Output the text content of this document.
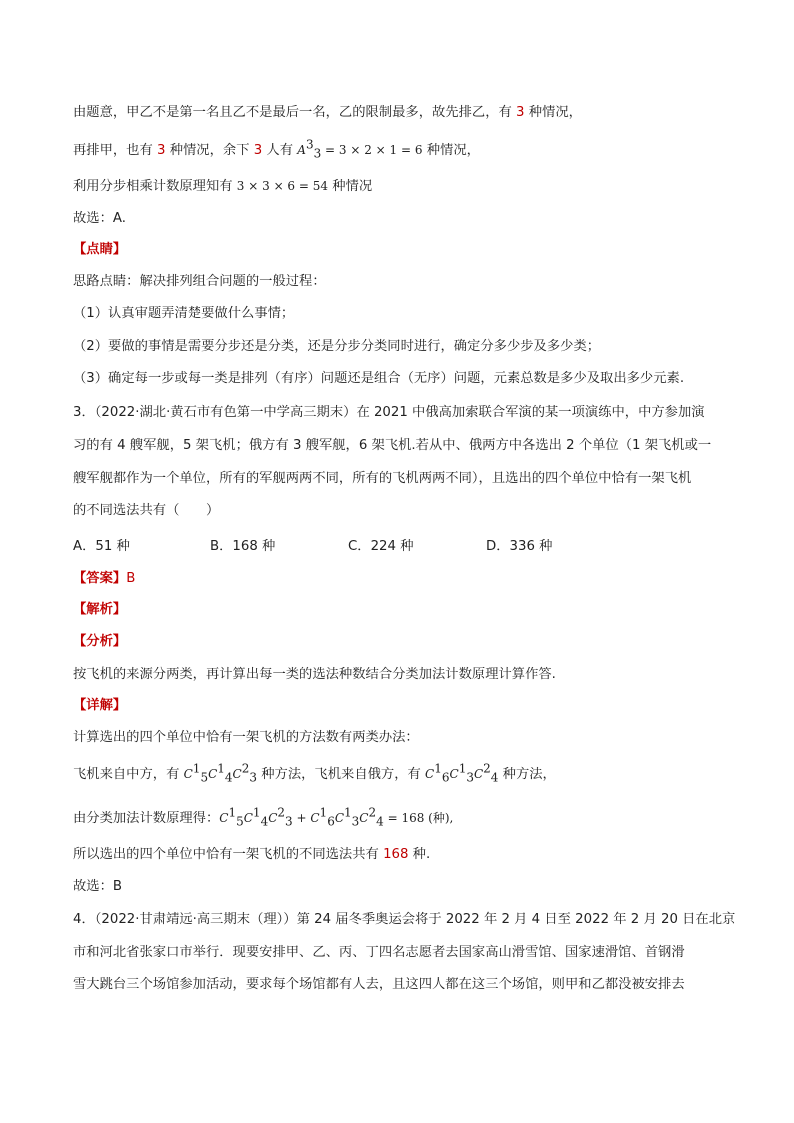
由题意，甲乙不是第一名且乙不是最后一名，乙的限制最多，故先排乙，有 3 种情况，
再排甲，也有 3 种情况，余下 3 人有 $A^3_3 = 3 \times 2 \times 1 = 6$ 种情况，
利用分步相乘计数原理知有 3 × 3 × 6 = 54 种情况
故选：A.
【点睛】
思路点睛：解决排列组合问题的一般过程：
（1）认真审题弄清楚要做什么事情；
（2）要做的事情是需要分步还是分类，还是分步分类同时进行，确定分多少步及多少类；
（3）确定每一步或每一类是排列（有序）问题还是组合（无序）问题，元素总数是多少及取出多少元素.
3．（2022·湖北·黄石市有色第一中学高三期末）在 2021 中俄高加索联合军演的某一项演练中，中方参加演
习的有 4 艘军舰，5 架飞机；俄方有 3 艘军舰，6 架飞机.若从中、俄两方中各选出 2 个单位（1 架飞机或一
艘军舰都作为一个单位，所有的军舰两两不同，所有的飞机两两不同），且选出的四个单位中恰有一架飞机
的不同选法共有（　　）
A．51 种	B．168 种	C．224 种	D．336 种
【答案】B
【解析】
【分析】
按飞机的来源分两类，再计算出每一类的选法种数结合分类加法计数原理计算作答.
【详解】
计算选出的四个单位中恰有一架飞机的方法数有两类办法：
飞机来自中方，有 $C^1_5C^1_4C^2_3$ 种方法，飞机来自俄方，有 $C^1_6C^1_3C^2_4$ 种方法，
由分类加法计数原理得：$C^1_5C^1_4C^2_3 + C^1_6C^1_3C^2_4 = 168$ (种),
所以选出的四个单位中恰有一架飞机的不同选法共有 168 种.
故选：B
4．（2022·甘肃靖远·高三期末（理））第 24 届冬季奥运会将于 2022 年 2 月 4 日至 2022 年 2 月 20 日在北京
市和河北省张家口市举行．现要安排甲、乙、丙、丁四名志愿者去国家高山滑雪馆、国家速滑馆、首钢滑
雪大跳台三个场馆参加活动，要求每个场馆都有人去，且这四人都在这三个场馆，则甲和乙都没被安排去
